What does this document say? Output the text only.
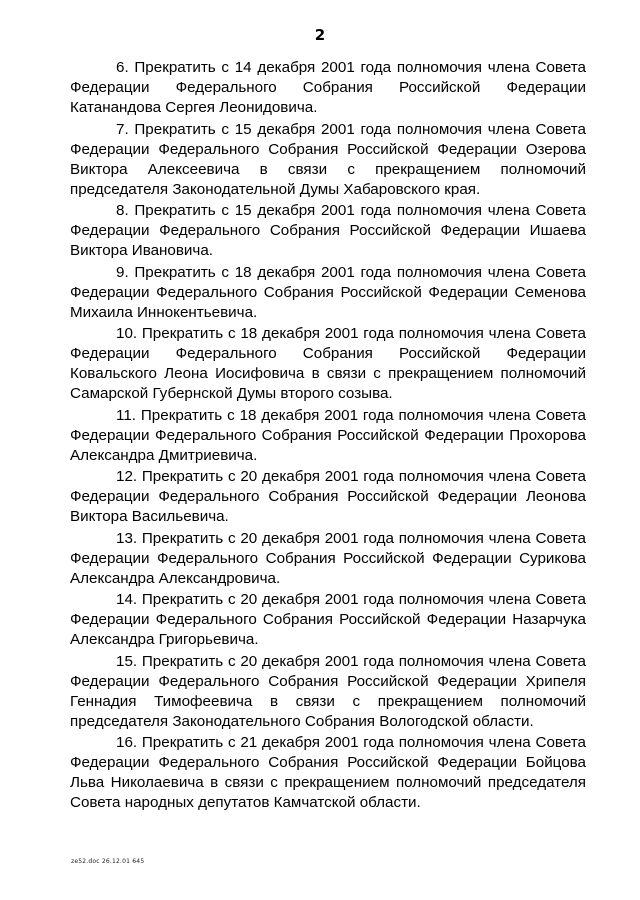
2

6. Прекратить с 14 декабря 2001 года полномочия члена Совета Федерации Федерального Собрания Российской Федерации Катанандова Сергея Леонидовича.

7. Прекратить с 15 декабря 2001 года полномочия члена Совета Федерации Федерального Собрания Российской Федерации Озерова Виктора Алексеевича в связи с прекращением полномочий председателя Законодательной Думы Хабаровского края.

8. Прекратить с 15 декабря 2001 года полномочия члена Совета Федерации Федерального Собрания Российской Федерации Ишаева Виктора Ивановича.

9. Прекратить с 18 декабря 2001 года полномочия члена Совета Федерации Федерального Собрания Российской Федерации Семенова Михаила Иннокентьевича.

10. Прекратить с 18 декабря 2001 года полномочия члена Совета Федерации Федерального Собрания Российской Федерации Ковальского Леона Иосифовича в связи с прекращением полномочий Самарской Губернской Думы второго созыва.

11. Прекратить с 18 декабря 2001 года полномочия члена Совета Федерации Федерального Собрания Российской Федерации Прохорова Александра Дмитриевича.

12. Прекратить с 20 декабря 2001 года полномочия члена Совета Федерации Федерального Собрания Российской Федерации Леонова Виктора Васильевича.

13. Прекратить с 20 декабря 2001 года полномочия члена Совета Федерации Федерального Собрания Российской Федерации Сурикова Александра Александровича.

14. Прекратить с 20 декабря 2001 года полномочия члена Совета Федерации Федерального Собрания Российской Федерации Назарчука Александра Григорьевича.

15. Прекратить с 20 декабря 2001 года полномочия члена Совета Федерации Федерального Собрания Российской Федерации Хрипеля Геннадия Тимофеевича в связи с прекращением полномочий председателя Законодательного Собрания Вологодской области.

16. Прекратить с 21 декабря 2001 года полномочия члена Совета Федерации Федерального Собрания Российской Федерации Бойцова Льва Николаевича в связи с прекращением полномочий председателя Совета народных депутатов Камчатской области.

ze52.doc 26.12.01 645
